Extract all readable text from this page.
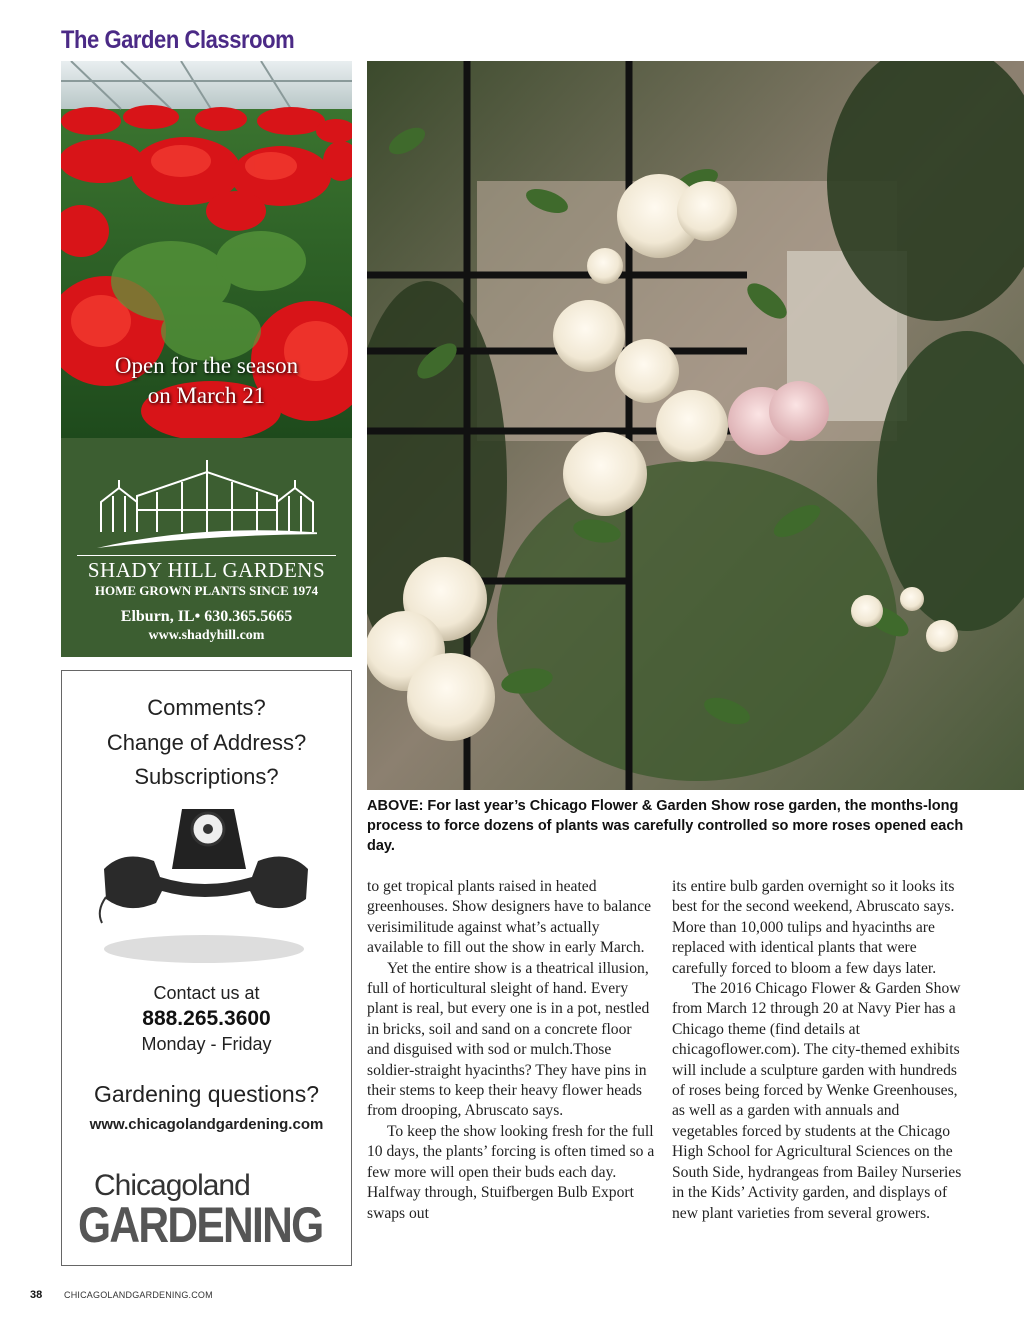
The Garden Classroom
Open for the season
on March 21
SHADY HILL GARDENS
HOME GROWN PLANTS SINCE 1974
Elburn, IL• 630.365.5665
www.shadyhill.com
Comments?
Change of Address?
Subscriptions?
Contact us at
888.265.3600
Monday - Friday
Gardening questions?
www.chicagolandgardening.com
Chicagoland
GARDENING
ABOVE: For last year’s Chicago Flower & Garden Show rose garden, the months-long process to force dozens of plants was carefully controlled so more roses opened each day.

to get tropical plants raised in heated greenhouses. Show designers have to balance verisimilitude against what’s actually available to fill out the show in early March.

Yet the entire show is a theatrical illusion, full of horticultural sleight of hand. Every plant is real, but every one is in a pot, nestled in bricks, soil and sand on a concrete floor and disguised with sod or mulch.Those soldier-straight hyacinths? They have pins in their stems to keep their heavy flower heads from drooping, Abruscato says.

To keep the show looking fresh for the full 10 days, the plants’ forcing is often timed so a few more will open their buds each day. Halfway through, Stuifbergen Bulb Export swaps out

its entire bulb garden overnight so it looks its best for the second weekend, Abruscato says. More than 10,000 tulips and hyacinths are replaced with identical plants that were carefully forced to bloom a few days later.

The 2016 Chicago Flower & Garden Show from March 12 through 20 at Navy Pier has a Chicago theme (find details at chicagoflower.com). The city-themed exhibits will include a sculpture garden with hundreds of roses being forced by Wenke Greenhouses, as well as a garden with annuals and vegetables forced by students at the Chicago High School for Agricultural Sciences on the South Side, hydrangeas from Bailey Nurseries in the Kids’ Activity garden, and displays of new plant varieties from several growers.

38 CHICAGOLANDGARDENING.COM
